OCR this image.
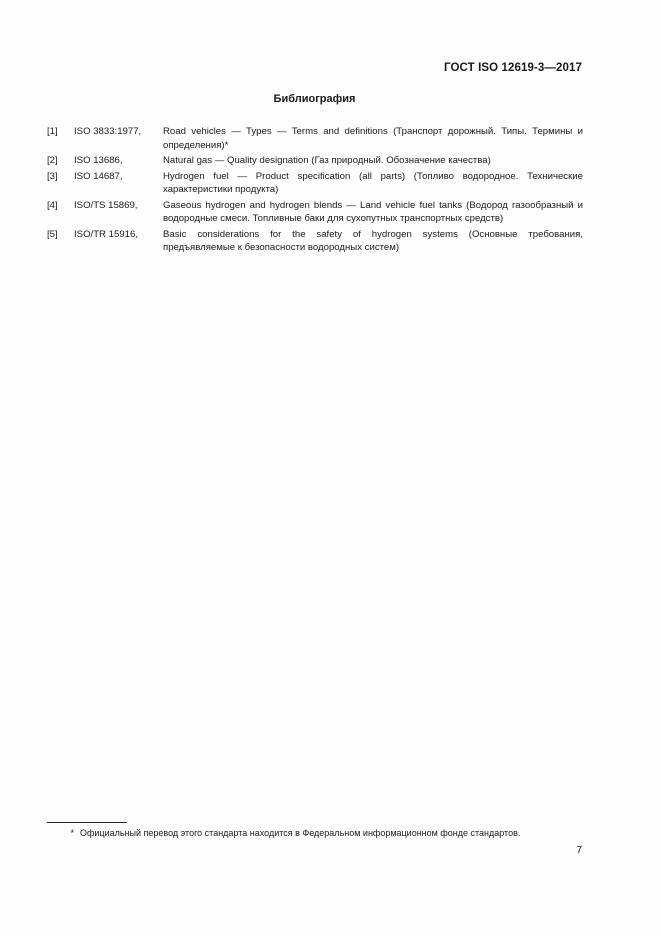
ГОСТ ISO 12619-3—2017
Библиография
[1]	ISO 3833:1977,	Road vehicles — Types — Terms and definitions (Транспорт дорожный. Типы. Термины и определения)*
[2]	ISO 13686,	Natural gas — Quality designation (Газ природный. Обозначение качества)
[3]	ISO 14687,	Hydrogen fuel — Product specification (all parts) (Топливо водородное. Технические характеристики продукта)
[4]	ISO/TS 15869,	Gaseous hydrogen and hydrogen blends — Land vehicle fuel tanks (Водород газообразный и водородные смеси. Топливные баки для сухопутных транспортных средств)
[5]	ISO/TR 15916,	Basic considerations for the safety of hydrogen systems (Основные требования, предъявляемые к безопасности водородных систем)
* Официальный перевод этого стандарта находится в Федеральном информационном фонде стандартов.
7
